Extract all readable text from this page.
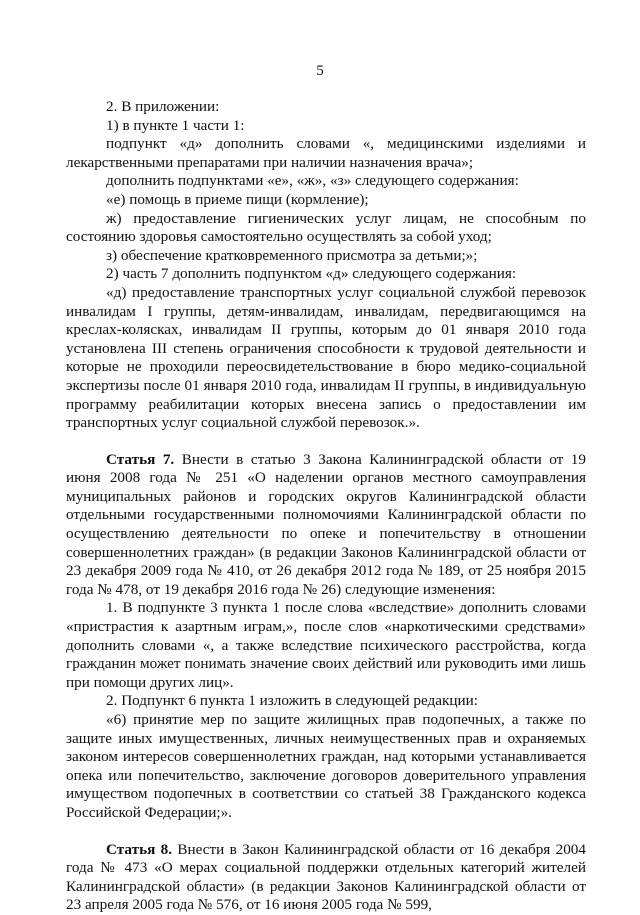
5

2. В приложении:

1) в пункте 1 части 1:

подпункт «д» дополнить словами «, медицинскими изделиями и лекарственными препаратами при наличии назначения врача»;

дополнить подпунктами «е», «ж», «з» следующего содержания:

«е) помощь в приеме пищи (кормление);

ж) предоставление гигиенических услуг лицам, не способным по состоянию здоровья самостоятельно осуществлять за собой уход;

з) обеспечение кратковременного присмотра за детьми;»;

2) часть 7 дополнить подпунктом «д» следующего содержания:

«д) предоставление транспортных услуг социальной службой перевозок инвалидам I группы, детям-инвалидам, инвалидам, передвигающимся на креслах-колясках, инвалидам II группы, которым до 01 января 2010 года установлена III степень ограничения способности к трудовой деятельности и которые не проходили переосвидетельствование в бюро медико-социальной экспертизы после 01 января 2010 года, инвалидам II группы, в индивидуальную программу реабилитации которых внесена запись о предоставлении им транспортных услуг социальной службой перевозок.».

Статья 7. Внести в статью 3 Закона Калининградской области от 19 июня 2008 года № 251 «О наделении органов местного самоуправления муниципальных районов и городских округов Калининградской области отдельными государственными полномочиями Калининградской области по осуществлению деятельности по опеке и попечительству в отношении совершеннолетних граждан» (в редакции Законов Калининградской области от 23 декабря 2009 года № 410, от 26 декабря 2012 года № 189, от 25 ноября 2015 года № 478, от 19 декабря 2016 года № 26) следующие изменения:

1. В подпункте 3 пункта 1 после слова «вследствие» дополнить словами «пристрастия к азартным играм,», после слов «наркотическими средствами» дополнить словами «, а также вследствие психического расстройства, когда гражданин может понимать значение своих действий или руководить ими лишь при помощи других лиц».

2. Подпункт 6 пункта 1 изложить в следующей редакции:

«6) принятие мер по защите жилищных прав подопечных, а также по защите иных имущественных, личных неимущественных прав и охраняемых законом интересов совершеннолетних граждан, над которыми устанавливается опека или попечительство, заключение договоров доверительного управления имуществом подопечных в соответствии со статьей 38 Гражданского кодекса Российской Федерации;».

Статья 8. Внести в Закон Калининградской области от 16 декабря 2004 года № 473 «О мерах социальной поддержки отдельных категорий жителей Калининградской области» (в редакции Законов Калининградской области от 23 апреля 2005 года № 576, от 16 июня 2005 года № 599,
